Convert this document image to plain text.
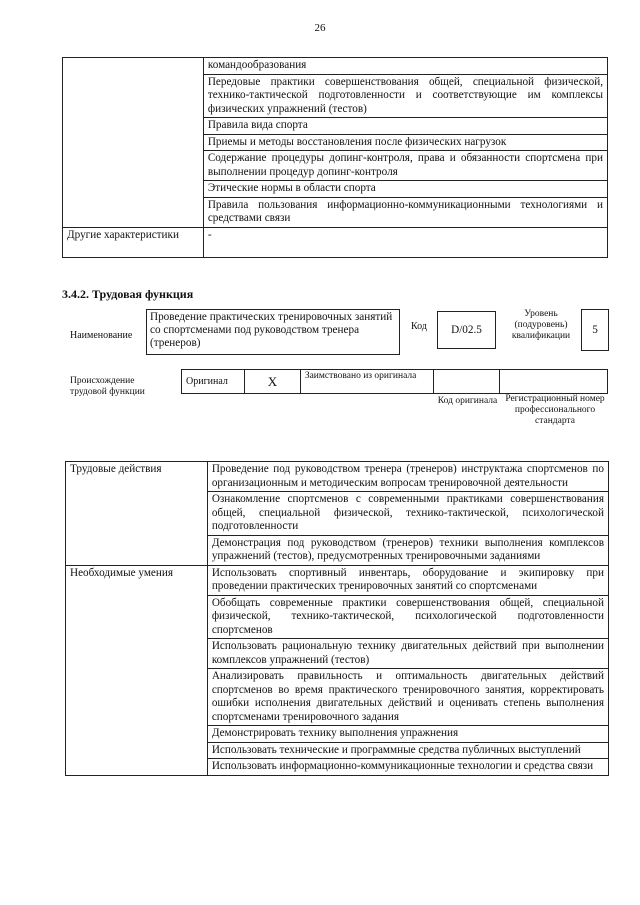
26
	командообразования
	Передовые практики совершенствования общей, специальной физической, технико-тактической подготовленности и соответствующие им комплексы физических упражнений (тестов)
	Правила вида спорта
	Приемы и методы восстановления после физических нагрузок
	Содержание процедуры допинг-контроля, права и обязанности спортсмена при выполнении процедур допинг-контроля
	Этические нормы в области спорта
	Правила пользования информационно-коммуникационными технологиями и средствами связи
Другие характеристики	-
3.4.2. Трудовая функция
Наименование
Проведение практических тренировочных занятий со спортсменами под руководством тренера (тренеров)
Код D/02.5
Уровень (подуровень) квалификации
5
Происхождение трудовой функции
Оригинал	X	Заимствовано из оригинала		
Код оригинала Регистрационный номер профессионального стандарта
Трудовые действия	Проведение под руководством тренера (тренеров) инструктажа спортсменов по организационным и методическим вопросам тренировочной деятельности
	Ознакомление спортсменов с современными практиками совершенствования общей, специальной физической, технико-тактической, психологической подготовленности
	Демонстрация под руководством (тренеров) техники выполнения комплексов упражнений (тестов), предусмотренных тренировочными заданиями
Необходимые умения	Использовать спортивный инвентарь, оборудование и экипировку при проведении практических тренировочных занятий со спортсменами
	Обобщать современные практики совершенствования общей, специальной физической, технико-тактической, психологической подготовленности спортсменов
	Использовать рациональную технику двигательных действий при выполнении комплексов упражнений (тестов)
	Анализировать правильность и оптимальность двигательных действий спортсменов во время практического тренировочного занятия, корректировать ошибки исполнения двигательных действий и оценивать степень выполнения спортсменами тренировочного задания
	Демонстрировать технику выполнения упражнения
	Использовать технические и программные средства публичных выступлений
	Использовать информационно-коммуникационные технологии и средства связи
